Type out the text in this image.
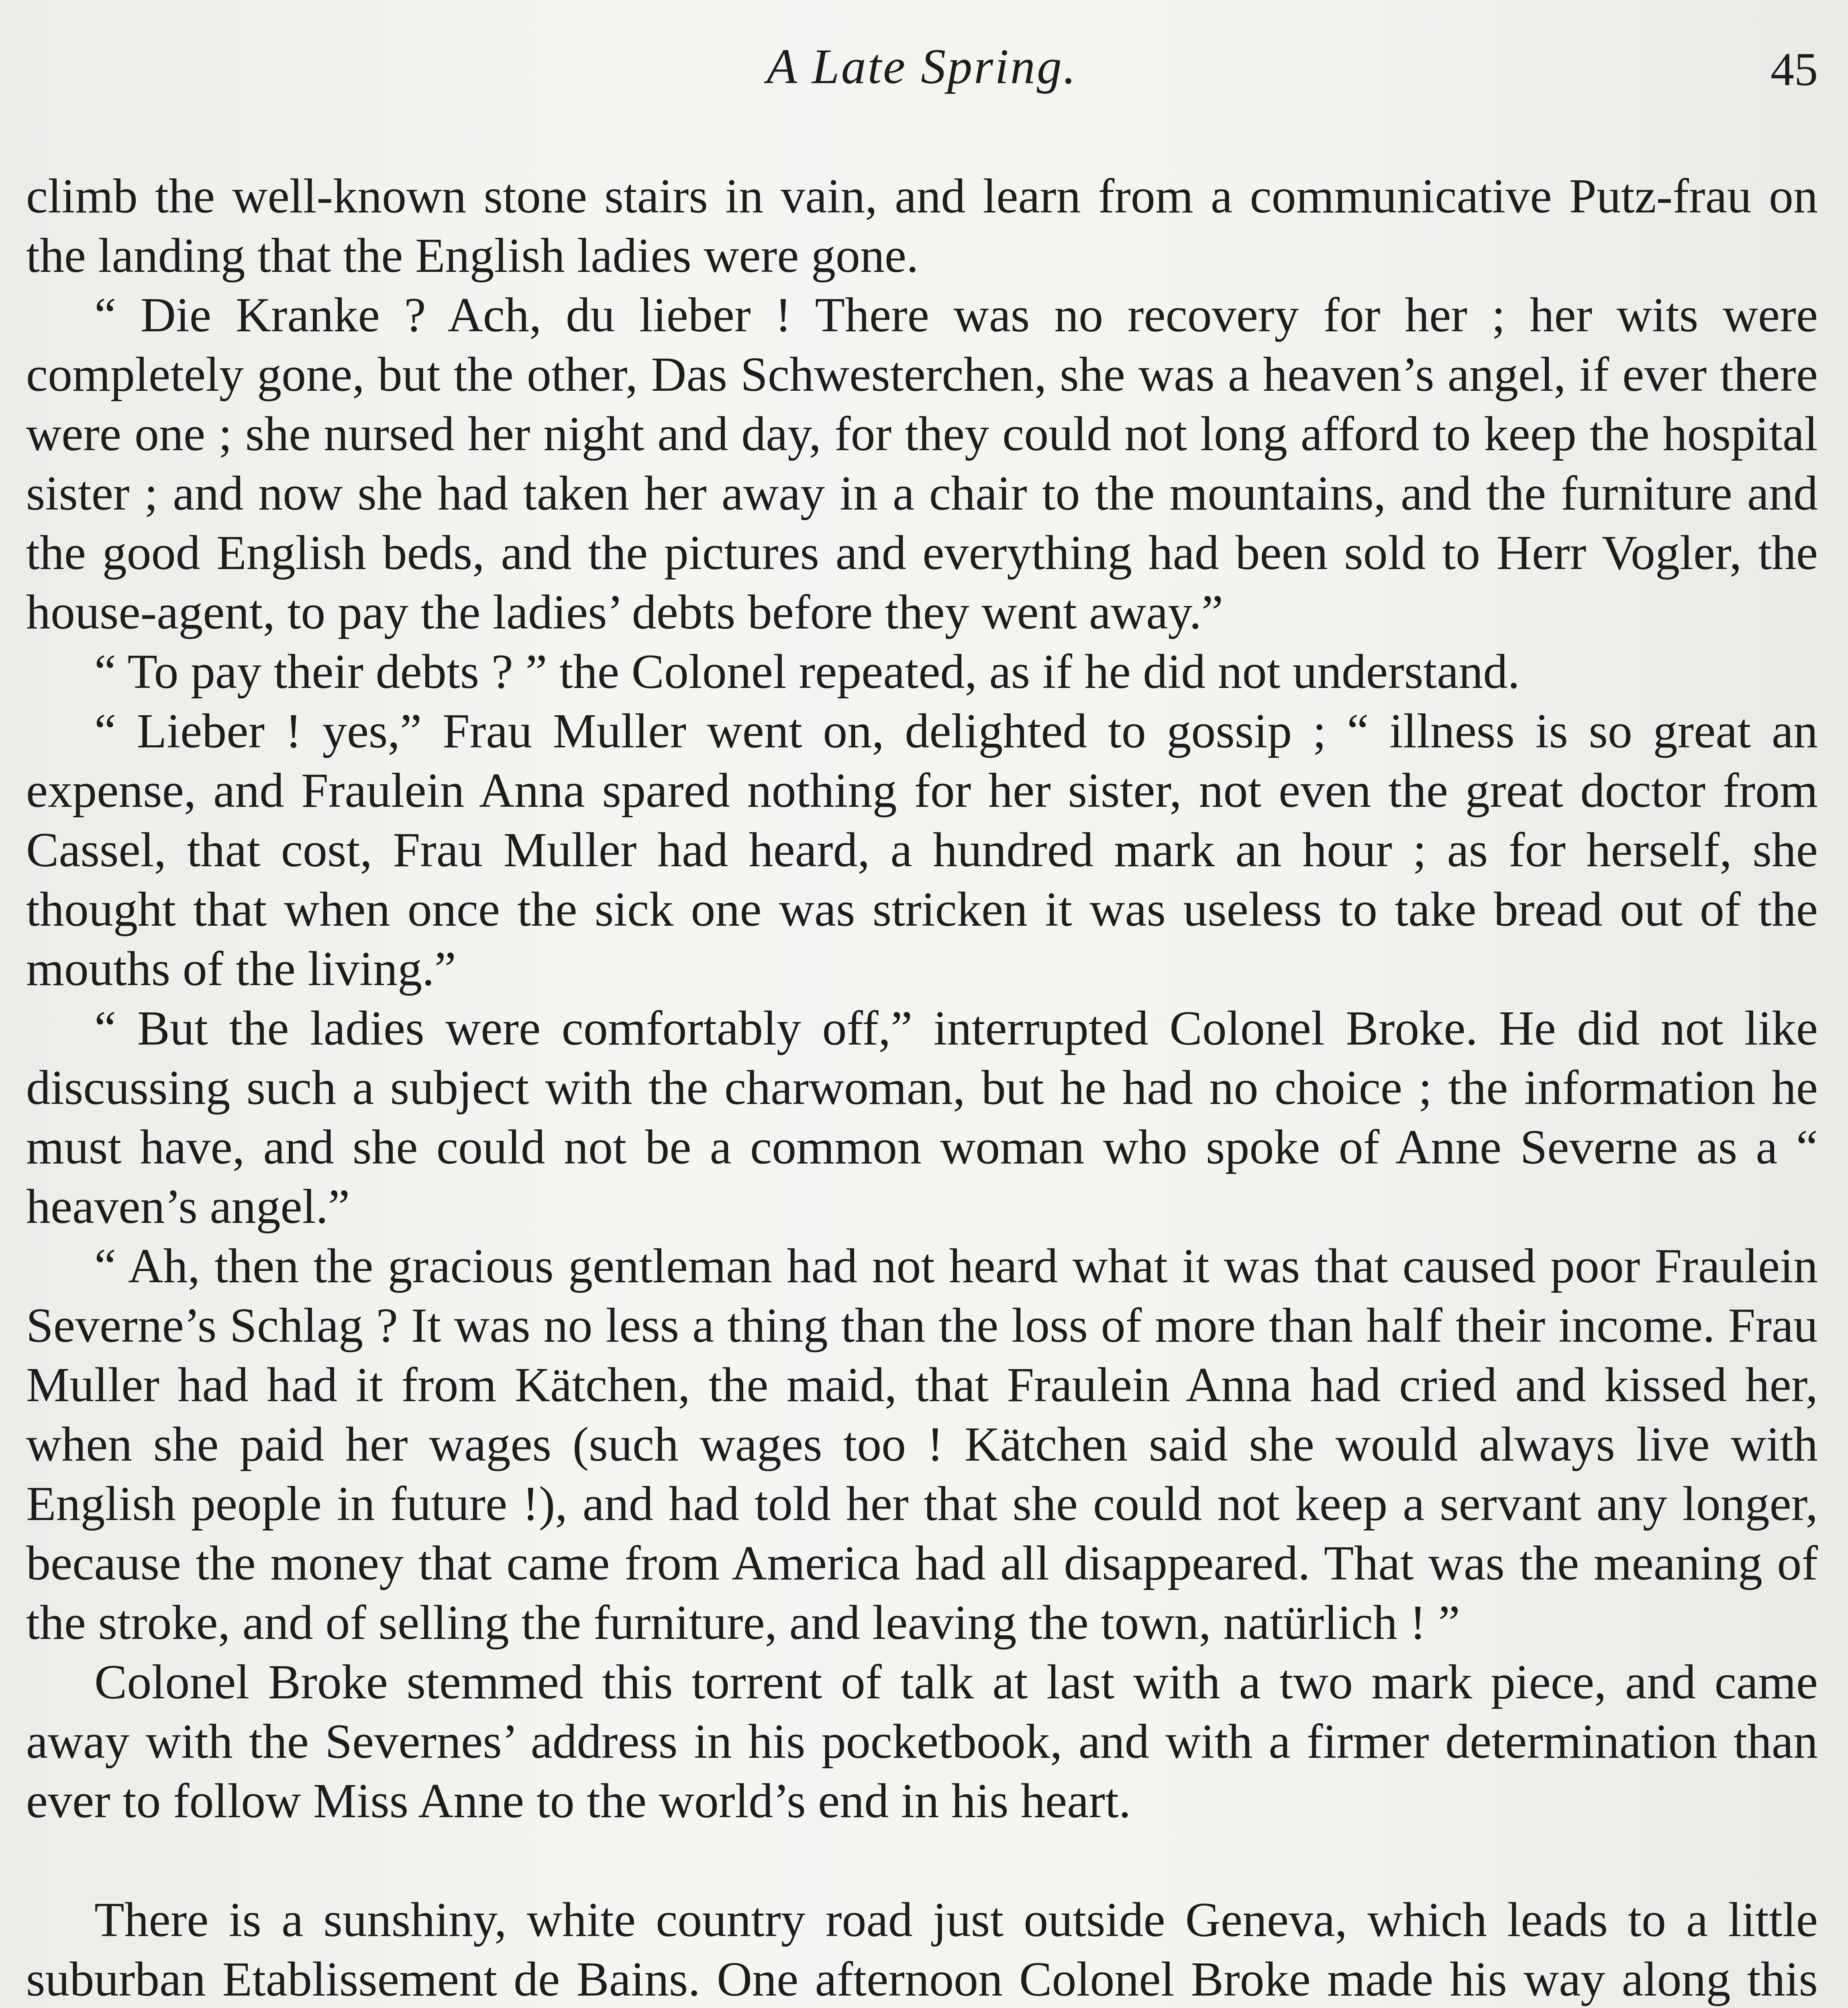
A Late Spring.	45

climb the well-known stone stairs in vain, and learn from a communicative Putz-frau on the landing that the English ladies were gone.

“ Die Kranke ? Ach, du lieber ! There was no recovery for her ; her wits were completely gone, but the other, Das Schwesterchen, she was a heaven’s angel, if ever there were one ; she nursed her night and day, for they could not long afford to keep the hospital sister ; and now she had taken her away in a chair to the mountains, and the furniture and the good English beds, and the pictures and everything had been sold to Herr Vogler, the house-agent, to pay the ladies’ debts before they went away.”

“ To pay their debts ? ” the Colonel repeated, as if he did not understand.

“ Lieber ! yes,” Frau Muller went on, delighted to gossip ; “ illness is so great an expense, and Fraulein Anna spared nothing for her sister, not even the great doctor from Cassel, that cost, Frau Muller had heard, a hundred mark an hour ; as for herself, she thought that when once the sick one was stricken it was useless to take bread out of the mouths of the living.”

“ But the ladies were comfortably off,” interrupted Colonel Broke. He did not like discussing such a subject with the charwoman, but he had no choice ; the information he must have, and she could not be a common woman who spoke of Anne Severne as a “ heaven’s angel.”

“ Ah, then the gracious gentleman had not heard what it was that caused poor Fraulein Severne’s Schlag ? It was no less a thing than the loss of more than half their income. Frau Muller had had it from Kätchen, the maid, that Fraulein Anna had cried and kissed her, when she paid her wages (such wages too ! Kätchen said she would always live with English people in future !), and had told her that she could not keep a servant any longer, because the money that came from America had all disappeared. That was the meaning of the stroke, and of selling the furniture, and leaving the town, natürlich ! ”

Colonel Broke stemmed this torrent of talk at last with a two mark piece, and came away with the Severnes’ address in his pocketbook, and with a firmer determination than ever to follow Miss Anne to the world’s end in his heart.

There is a sunshiny, white country road just outside Geneva, which leads to a little suburban Etablissement de Bains. One afternoon Colonel Broke made his way along this
